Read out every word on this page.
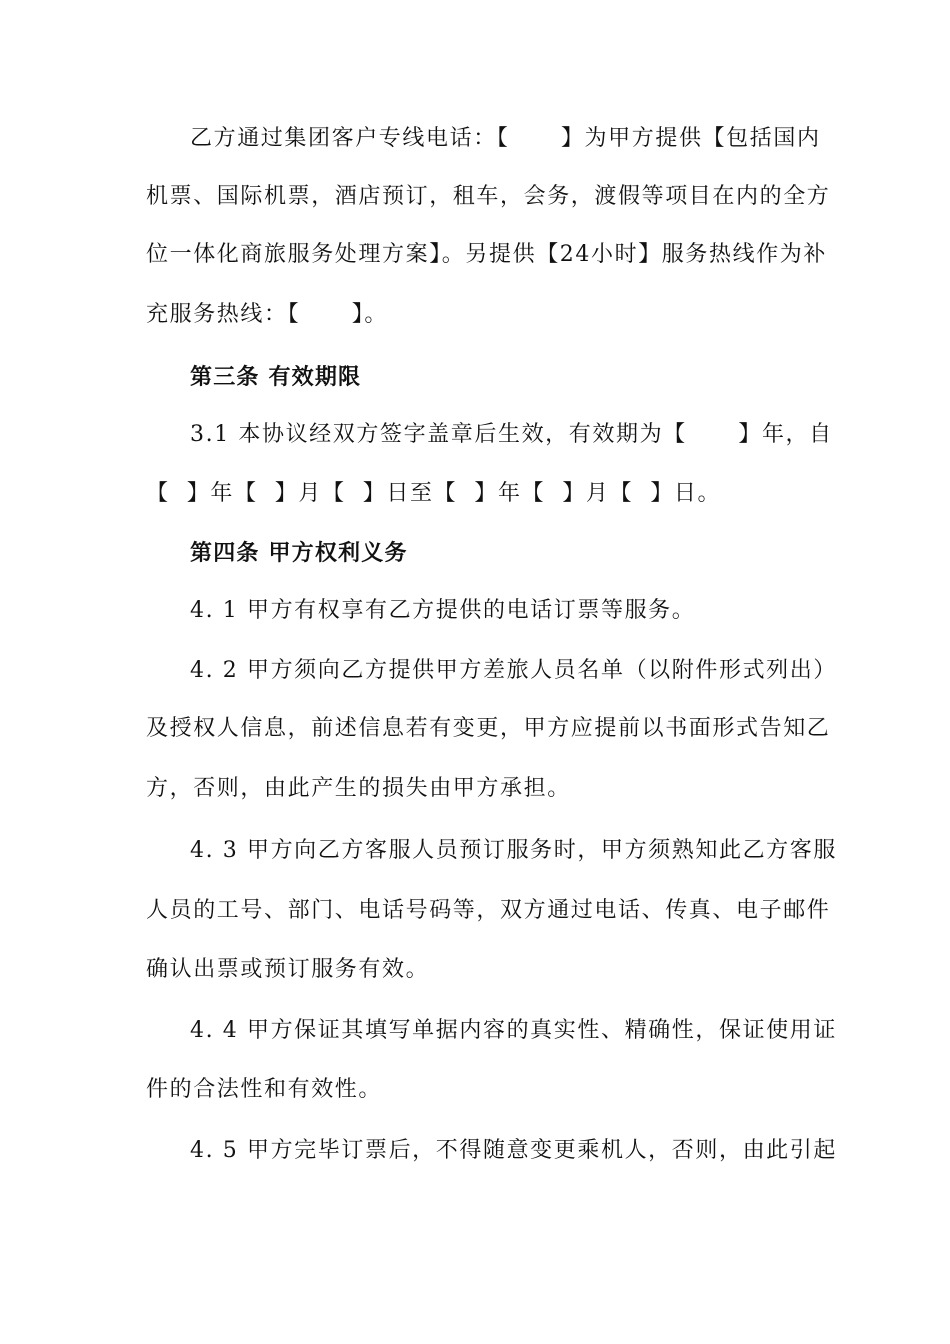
乙方通过集团客户专线电话：【      】为甲方提供【包括国内
机票、国际机票，酒店预订，租车，会务，渡假等项目在内的全方
位一体化商旅服务处理方案】。另提供【24小时】服务热线作为补
充服务热线：【      】。
第三条 有效期限
3.1 本协议经双方签字盖章后生效，有效期为【      】年，自
【  】年【  】月【  】日至【  】年【  】月【  】日。
第四条 甲方权利义务
4. 1 甲方有权享有乙方提供的电话订票等服务。
4. 2 甲方须向乙方提供甲方差旅人员名单（以附件形式列出）
及授权人信息，前述信息若有变更，甲方应提前以书面形式告知乙
方，否则，由此产生的损失由甲方承担。
4. 3 甲方向乙方客服人员预订服务时，甲方须熟知此乙方客服
人员的工号、部门、电话号码等，双方通过电话、传真、电子邮件
确认出票或预订服务有效。
4. 4 甲方保证其填写单据内容的真实性、精确性，保证使用证
件的合法性和有效性。
4. 5 甲方完毕订票后，不得随意变更乘机人，否则，由此引起
